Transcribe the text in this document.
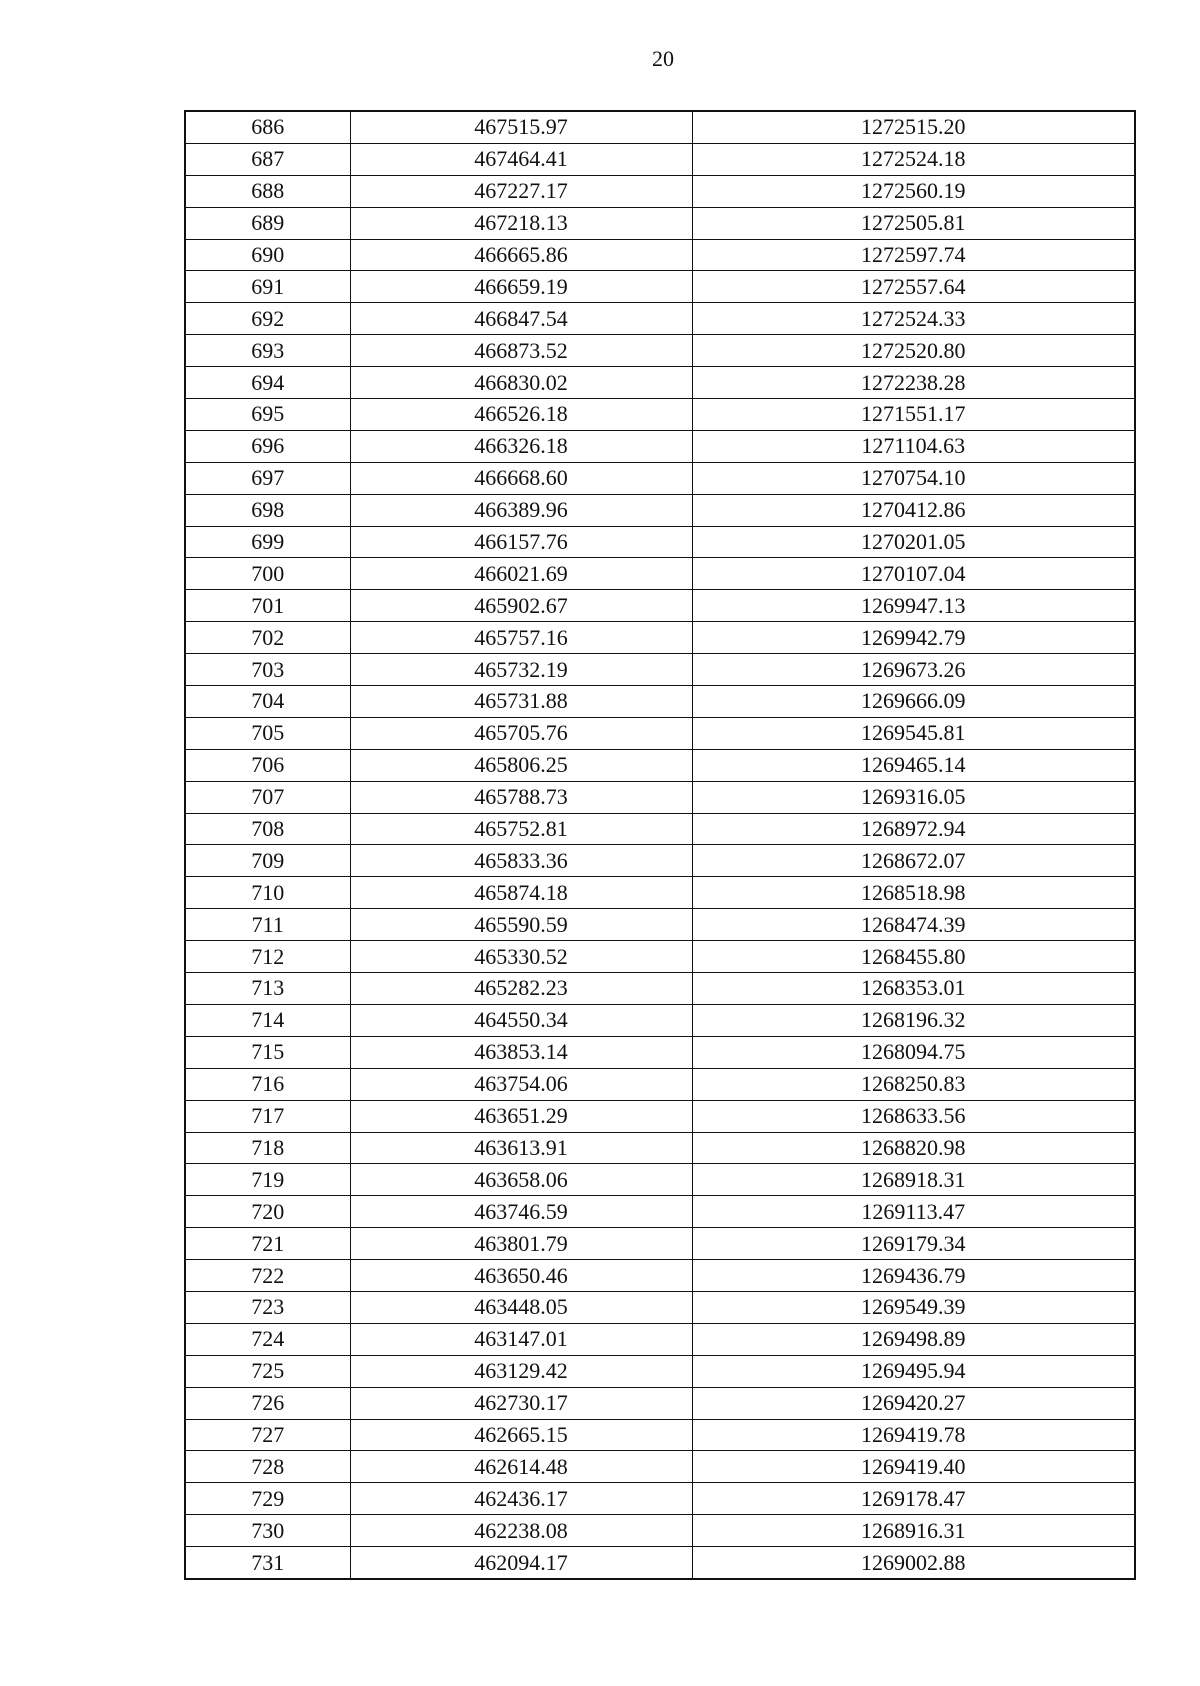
20
686	467515.97	1272515.20
687	467464.41	1272524.18
688	467227.17	1272560.19
689	467218.13	1272505.81
690	466665.86	1272597.74
691	466659.19	1272557.64
692	466847.54	1272524.33
693	466873.52	1272520.80
694	466830.02	1272238.28
695	466526.18	1271551.17
696	466326.18	1271104.63
697	466668.60	1270754.10
698	466389.96	1270412.86
699	466157.76	1270201.05
700	466021.69	1270107.04
701	465902.67	1269947.13
702	465757.16	1269942.79
703	465732.19	1269673.26
704	465731.88	1269666.09
705	465705.76	1269545.81
706	465806.25	1269465.14
707	465788.73	1269316.05
708	465752.81	1268972.94
709	465833.36	1268672.07
710	465874.18	1268518.98
711	465590.59	1268474.39
712	465330.52	1268455.80
713	465282.23	1268353.01
714	464550.34	1268196.32
715	463853.14	1268094.75
716	463754.06	1268250.83
717	463651.29	1268633.56
718	463613.91	1268820.98
719	463658.06	1268918.31
720	463746.59	1269113.47
721	463801.79	1269179.34
722	463650.46	1269436.79
723	463448.05	1269549.39
724	463147.01	1269498.89
725	463129.42	1269495.94
726	462730.17	1269420.27
727	462665.15	1269419.78
728	462614.48	1269419.40
729	462436.17	1269178.47
730	462238.08	1268916.31
731	462094.17	1269002.88
